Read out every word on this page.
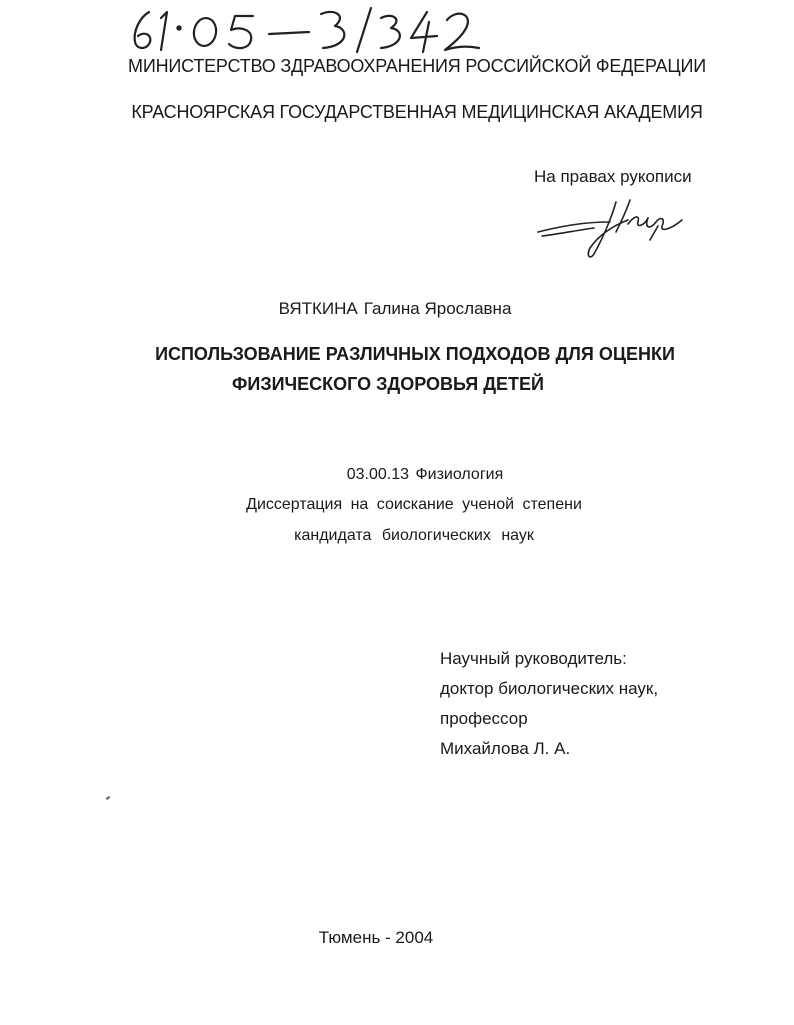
МИНИСТЕРСТВО ЗДРАВООХРАНЕНИЯ РОССИЙСКОЙ ФЕДЕРАЦИИ
КРАСНОЯРСКАЯ ГОСУДАРСТВЕННАЯ МЕДИЦИНСКАЯ АКАДЕМИЯ
На правах рукописи
ВЯТКИНА Галина Ярославна
ИСПОЛЬЗОВАНИЕ РАЗЛИЧНЫХ ПОДХОДОВ ДЛЯ ОЦЕНКИ
ФИЗИЧЕСКОГО ЗДОРОВЬЯ ДЕТЕЙ
03.00.13 Физиология
Диссертация на соискание ученой степени
кандидата биологических наук
Научный руководитель:
доктор биологических наук,
профессор
Михайлова Л. А.
Тюмень - 2004
